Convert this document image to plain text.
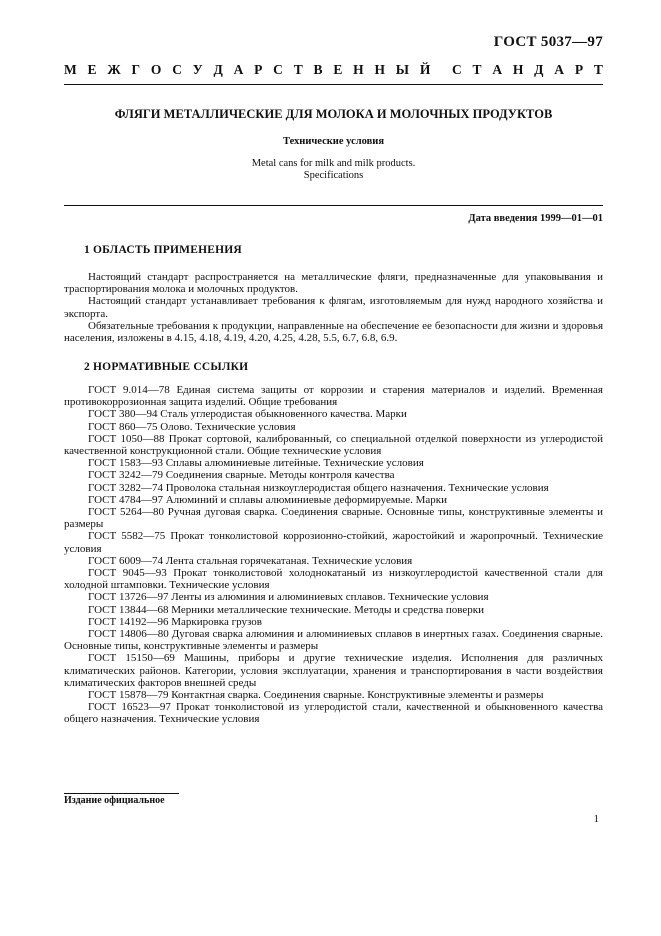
ГОСТ 5037—97
М Е Ж Г О С У Д А Р С Т В Е Н Н Ы Й С Т А Н Д А Р Т
ФЛЯГИ МЕТАЛЛИЧЕСКИЕ ДЛЯ МОЛОКА И МОЛОЧНЫХ ПРОДУКТОВ
Технические условия
Metal cans for milk and milk products.
Specifications
Дата введения 1999—01—01
1 ОБЛАСТЬ ПРИМЕНЕНИЯ

Настоящий стандарт распространяется на металлические фляги, предназначенные для упаковывания и траспортирования молока и молочных продуктов.

Настоящий стандарт устанавливает требования к флягам, изготовляемым для нужд народного хозяйства и экспорта.

Обязательные требования к продукции, направленные на обеспечение ее безопасности для жизни и здоровья населения, изложены в 4.15, 4.18, 4.19, 4.20, 4.25, 4.28, 5.5, 6.7, 6.8, 6.9.

2 НОРМАТИВНЫЕ ССЫЛКИ

ГОСТ 9.014—78 Единая система защиты от коррозии и старения материалов и изделий. Временная противокоррозионная защита изделий. Общие требования

ГОСТ 380—94 Сталь углеродистая обыкновенного качества. Марки

ГОСТ 860—75 Олово. Технические условия

ГОСТ 1050—88 Прокат сортовой, калиброванный, со специальной отделкой поверхности из углеродистой качественной конструкционной стали. Общие технические условия

ГОСТ 1583—93 Сплавы алюминиевые литейные. Технические условия

ГОСТ 3242—79 Соединения сварные. Методы контроля качества

ГОСТ 3282—74 Проволока стальная низкоуглеродистая общего назначения. Технические условия

ГОСТ 4784—97 Алюминий и сплавы алюминиевые деформируемые. Марки

ГОСТ 5264—80 Ручная дуговая сварка. Соединения сварные. Основные типы, конструктивные элементы и размеры

ГОСТ 5582—75 Прокат тонколистовой коррозионно-стойкий, жаростойкий и жаропрочный. Технические условия

ГОСТ 6009—74 Лента стальная горячекатаная. Технические условия

ГОСТ 9045—93 Прокат тонколистовой холоднокатаный из низкоуглеродистой качественной стали для холодной штамповки. Технические условия

ГОСТ 13726—97 Ленты из алюминия и алюминиевых сплавов. Технические условия

ГОСТ 13844—68 Мерники металлические технические. Методы и средства поверки

ГОСТ 14192—96 Маркировка грузов

ГОСТ 14806—80 Дуговая сварка алюминия и алюминиевых сплавов в инертных газах. Соединения сварные. Основные типы, конструктивные элементы и размеры

ГОСТ 15150—69 Машины, приборы и другие технические изделия. Исполнения для различных климатических районов. Категории, условия эксплуатации, хранения и транспортирования в части воздействия климатических факторов внешней среды

ГОСТ 15878—79 Контактная сварка. Соединения сварные. Конструктивные элементы и размеры

ГОСТ 16523—97 Прокат тонколистовой из углеродистой стали, качественной и обыкновенного качества общего назначения. Технические условия

Издание официальное
1
